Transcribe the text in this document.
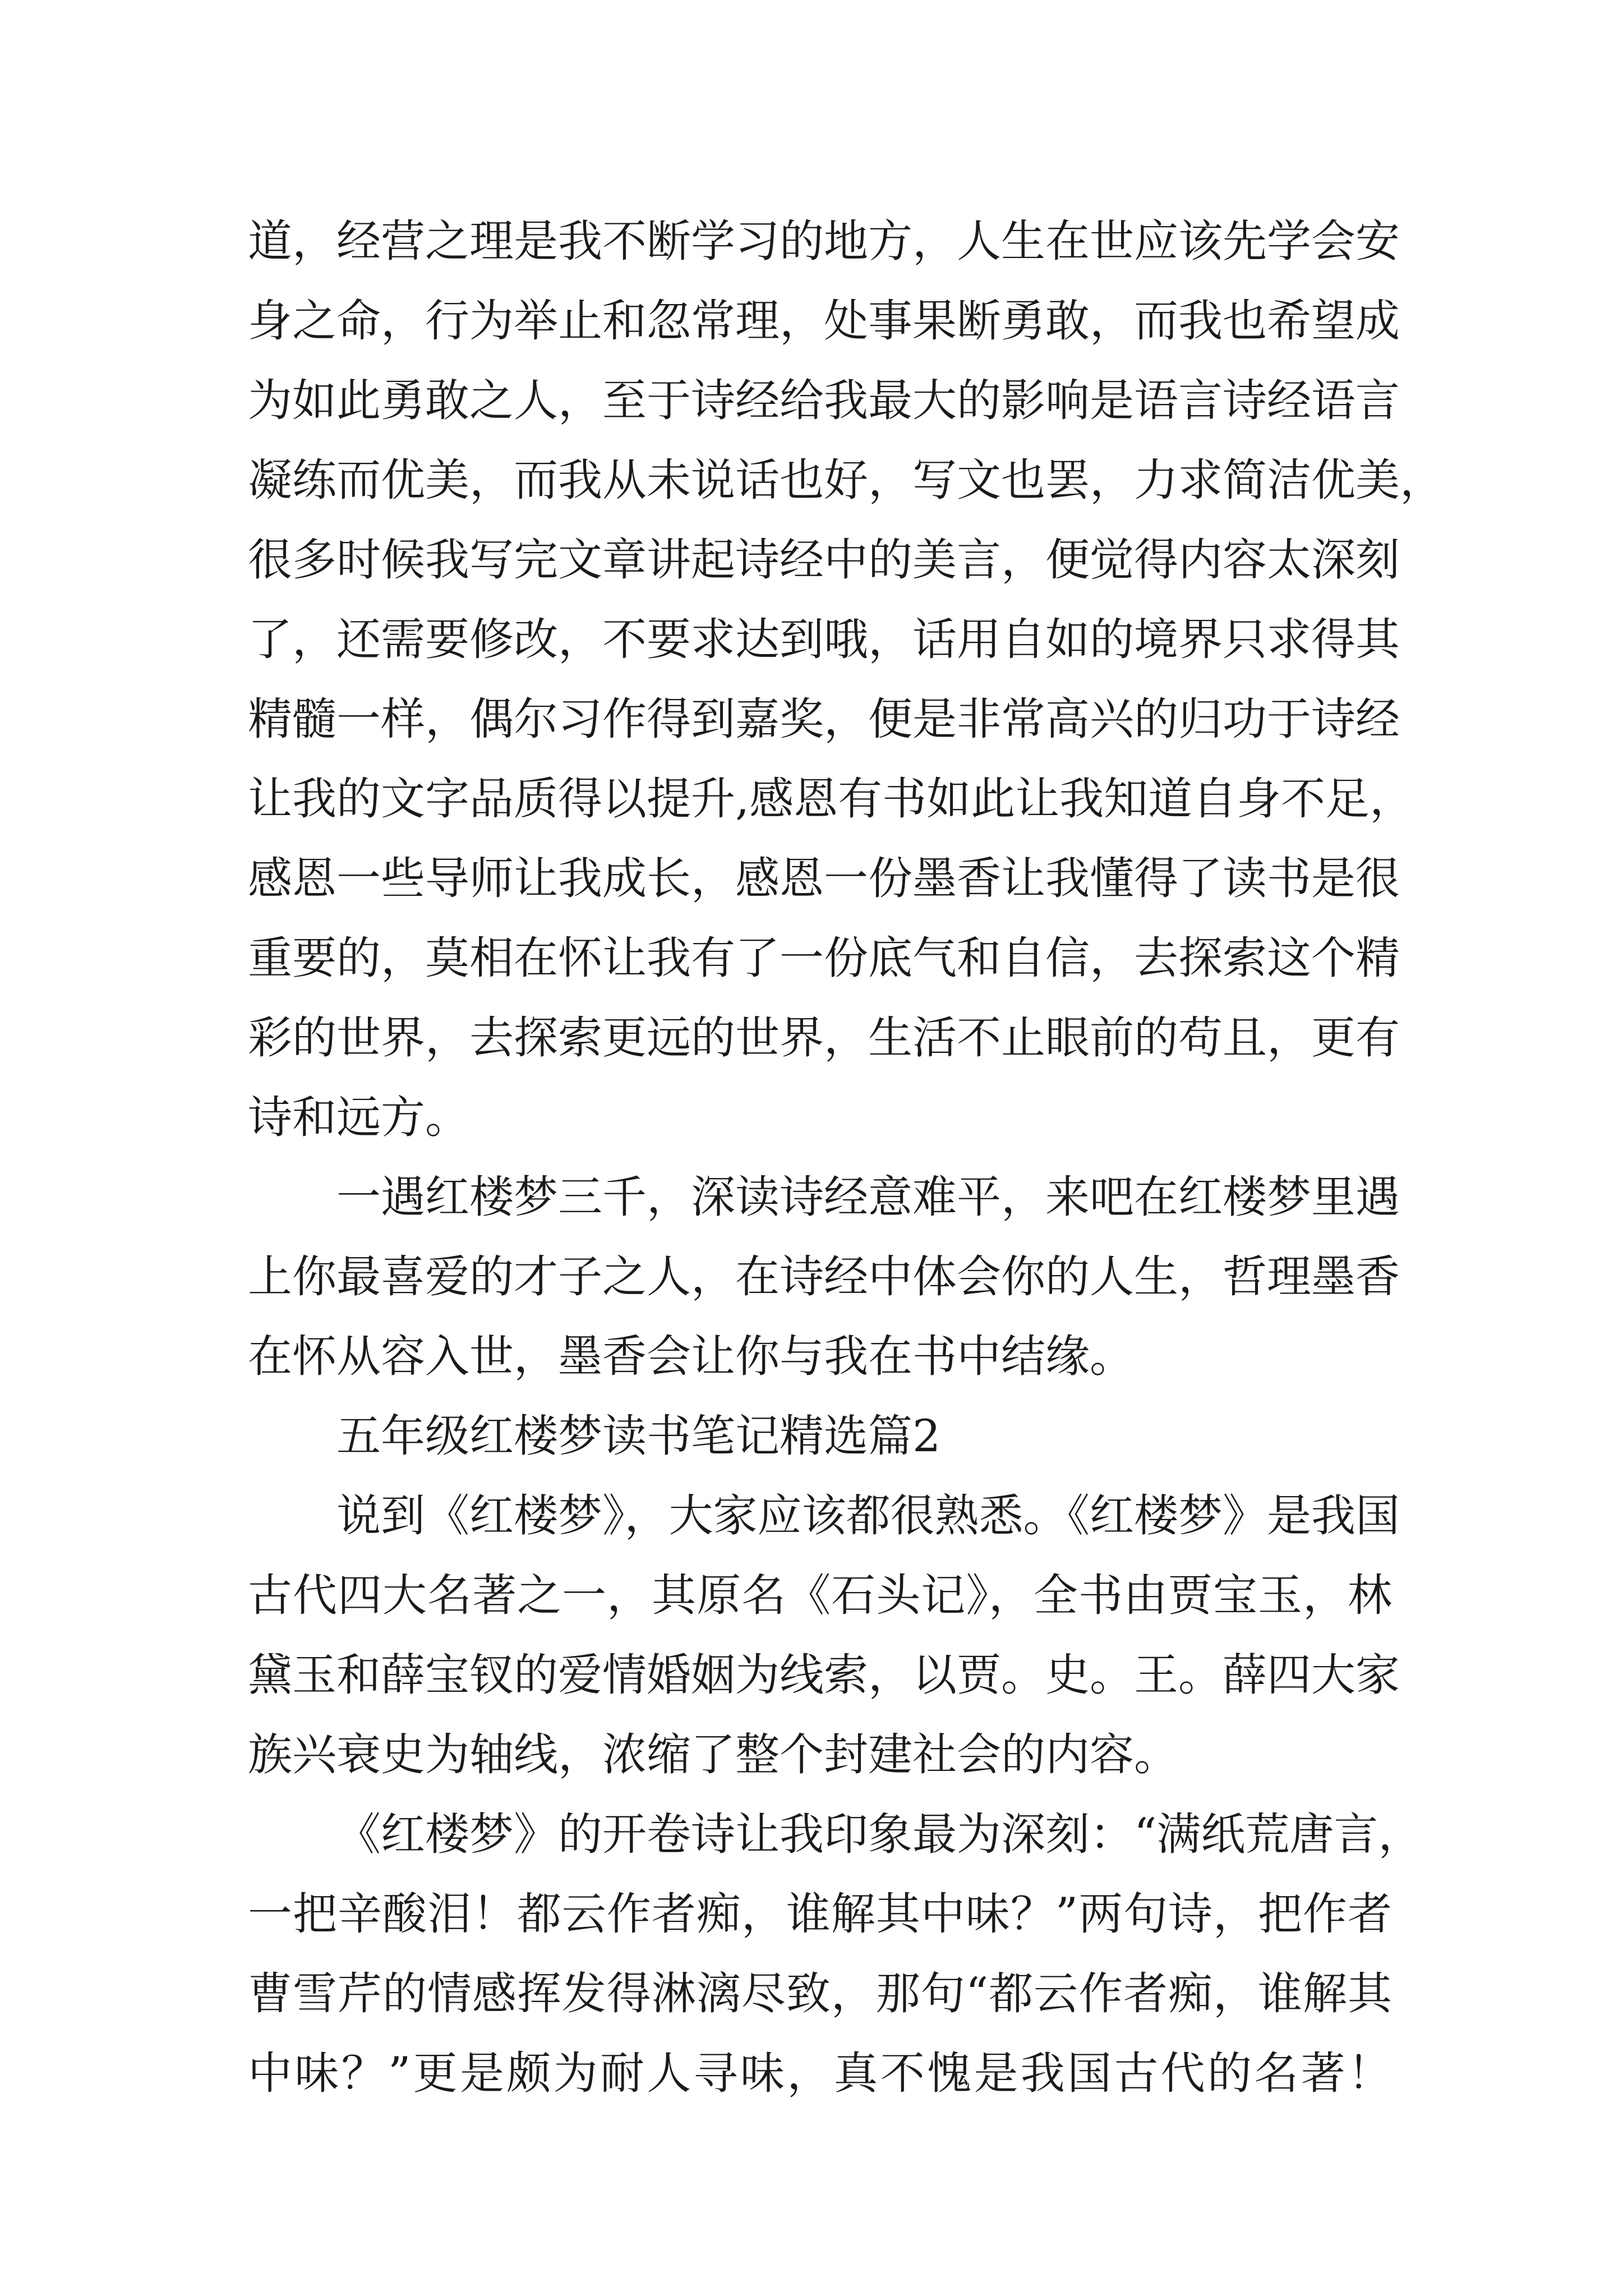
道，经营之理是我不断学习的地方，人生在世应该先学会安
身之命，行为举止和忽常理，处事果断勇敢，而我也希望成
为如此勇敢之人，至于诗经给我最大的影响是语言诗经语言
凝练而优美，而我从未说话也好，写文也罢，力求简洁优美，
很多时候我写完文章讲起诗经中的美言，便觉得内容太深刻
了，还需要修改，不要求达到哦，话用自如的境界只求得其
精髓一样，偶尔习作得到嘉奖，便是非常高兴的归功于诗经
让我的文字品质得以提升,感恩有书如此让我知道自身不足，
感恩一些导师让我成长，感恩一份墨香让我懂得了读书是很
重要的，莫相在怀让我有了一份底气和自信，去探索这个精
彩的世界，去探索更远的世界，生活不止眼前的苟且，更有
诗和远方。
一遇红楼梦三千，深读诗经意难平，来吧在红楼梦里遇
上你最喜爱的才子之人，在诗经中体会你的人生，哲理墨香
在怀从容入世，墨香会让你与我在书中结缘。
五年级红楼梦读书笔记精选篇2
说到《红楼梦》，大家应该都很熟悉。《红楼梦》是我国
古代四大名著之一，其原名《石头记》，全书由贾宝玉，林
黛玉和薛宝钗的爱情婚姻为线索，以贾。史。王。薛四大家
族兴衰史为轴线，浓缩了整个封建社会的内容。
《红楼梦》的开卷诗让我印象最为深刻：“满纸荒唐言，
一把辛酸泪！都云作者痴，谁解其中味？”两句诗，把作者
曹雪芹的情感挥发得淋漓尽致，那句“都云作者痴，谁解其
中味？”更是颇为耐人寻味，真不愧是我国古代的名著！
